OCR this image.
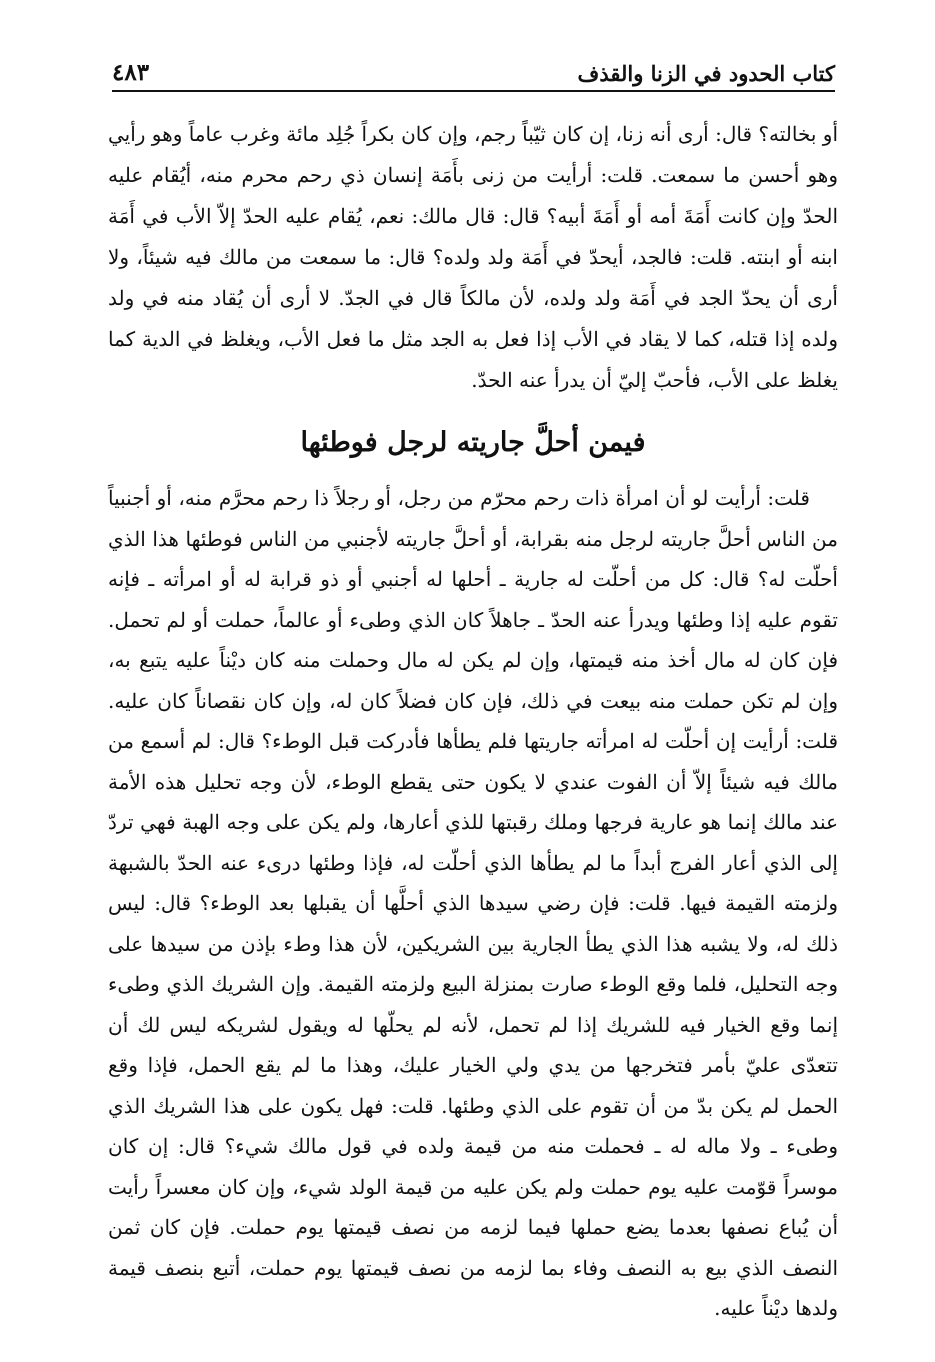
كتاب الحدود في الزنا والقذف
٤٨٣

أو بخالته؟ قال: أرى أنه زنا، إن كان ثيّباً رجم، وإن كان بكراً جُلِد مائة وغرب عاماً وهو رأيي وهو أحسن ما سمعت. قلت: أرأيت من زنى بأَمَة إنسان ذي رحم محرم منه، أيُقام عليه الحدّ وإن كانت أَمَةَ أمه أو أَمَةَ أبيه؟ قال: قال مالك: نعم، يُقام عليه الحدّ إلاّ الأب في أَمَة ابنه أو ابنته. قلت: فالجد، أيحدّ في أَمَة ولد ولده؟ قال: ما سمعت من مالك فيه شيئاً، ولا أرى أن يحدّ الجد في أَمَة ولد ولده، لأن مالكاً قال في الجدّ. لا أرى أن يُقاد منه في ولد ولده إذا قتله، كما لا يقاد في الأب إذا فعل به الجد مثل ما فعل الأب، ويغلظ في الدية كما يغلظ على الأب، فأحبّ إليّ أن يدرأ عنه الحدّ.

فيمن أحلَّ جاريته لرجل فوطئها

قلت: أرأيت لو أن امرأة ذات رحم محرّم من رجل، أو رجلاً ذا رحم محرَّم منه، أو أجنبياً من الناس أحلَّ جاريته لرجل منه بقرابة، أو أحلَّ جاريته لأجنبي من الناس فوطئها هذا الذي أحلّت له؟ قال: كل من أحلّت له جارية ـ أحلها له أجنبي أو ذو قرابة له أو امرأته ـ فإنه تقوم عليه إذا وطئها ويدرأ عنه الحدّ ـ جاهلاً كان الذي وطىء أو عالماً، حملت أو لم تحمل. فإن كان له مال أخذ منه قيمتها، وإن لم يكن له مال وحملت منه كان ديْناً عليه يتبع به، وإن لم تكن حملت منه بيعت في ذلك، فإن كان فضلاً كان له، وإن كان نقصاناً كان عليه. قلت: أرأيت إن أحلّت له امرأته جاريتها فلم يطأها فأدركت قبل الوطء؟ قال: لم أسمع من مالك فيه شيئاً إلاّ أن الفوت عندي لا يكون حتى يقطع الوطء، لأن وجه تحليل هذه الأمة عند مالك إنما هو عارية فرجها وملك رقبتها للذي أعارها، ولم يكن على وجه الهبة فهي تردّ إلى الذي أعار الفرج أبداً ما لم يطأها الذي أحلّت له، فإذا وطئها درىء عنه الحدّ بالشبهة ولزمته القيمة فيها. قلت: فإن رضي سيدها الذي أحلَّها أن يقبلها بعد الوطء؟ قال: ليس ذلك له، ولا يشبه هذا الذي يطأ الجارية بين الشريكين، لأن هذا وطء بإذن من سيدها على وجه التحليل، فلما وقع الوطء صارت بمنزلة البيع ولزمته القيمة. وإن الشريك الذي وطىء إنما وقع الخيار فيه للشريك إذا لم تحمل، لأنه لم يحلّها له ويقول لشريكه ليس لك أن تتعدّى عليّ بأمر فتخرجها من يدي ولي الخيار عليك، وهذا ما لم يقع الحمل، فإذا وقع الحمل لم يكن بدّ من أن تقوم على الذي وطئها. قلت: فهل يكون على هذا الشريك الذي وطىء ـ ولا ماله له ـ فحملت منه من قيمة ولده في قول مالك شيء؟ قال: إن كان موسراً قوّمت عليه يوم حملت ولم يكن عليه من قيمة الولد شيء، وإن كان معسراً رأيت أن يُباع نصفها بعدما يضع حملها فيما لزمه من نصف قيمتها يوم حملت. فإن كان ثمن النصف الذي بيع به النصف وفاء بما لزمه من نصف قيمتها يوم حملت، أتبع بنصف قيمة ولدها ديْناً عليه.
